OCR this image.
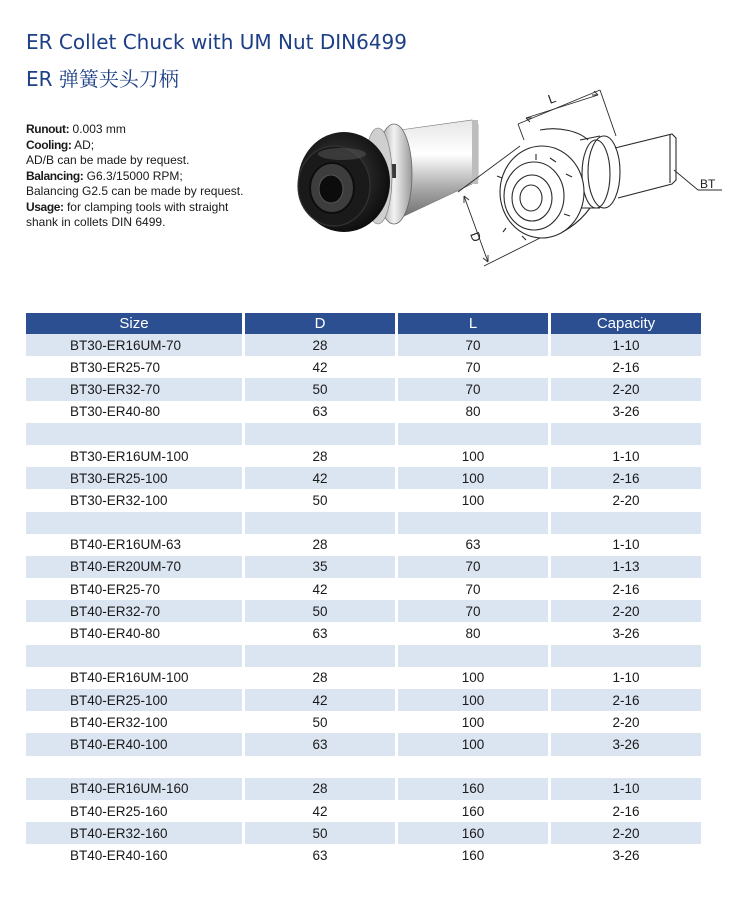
ER Collet Chuck with UM Nut DIN6499
ER 弹簧夹头刀柄
Runout: 0.003 mm
Cooling: AD;
AD/B can be made by request.
Balancing: G6.3/15000 RPM;
Balancing G2.5 can be made by request.
Usage: for clamping tools with straight
shank in collets DIN 6499.
L
D
BT
Size	D	L	Capacity
BT30-ER16UM-70	28	70	1-10
BT30-ER25-70	42	70	2-16
BT30-ER32-70	50	70	2-20
BT30-ER40-80	63	80	3-26

BT30-ER16UM-100	28	100	1-10
BT30-ER25-100	42	100	2-16
BT30-ER32-100	50	100	2-20

BT40-ER16UM-63	28	63	1-10
BT40-ER20UM-70	35	70	1-13
BT40-ER25-70	42	70	2-16
BT40-ER32-70	50	70	2-20
BT40-ER40-80	63	80	3-26

BT40-ER16UM-100	28	100	1-10
BT40-ER25-100	42	100	2-16
BT40-ER32-100	50	100	2-20
BT40-ER40-100	63	100	3-26

BT40-ER16UM-160	28	160	1-10
BT40-ER25-160	42	160	2-16
BT40-ER32-160	50	160	2-20
BT40-ER40-160	63	160	3-26
